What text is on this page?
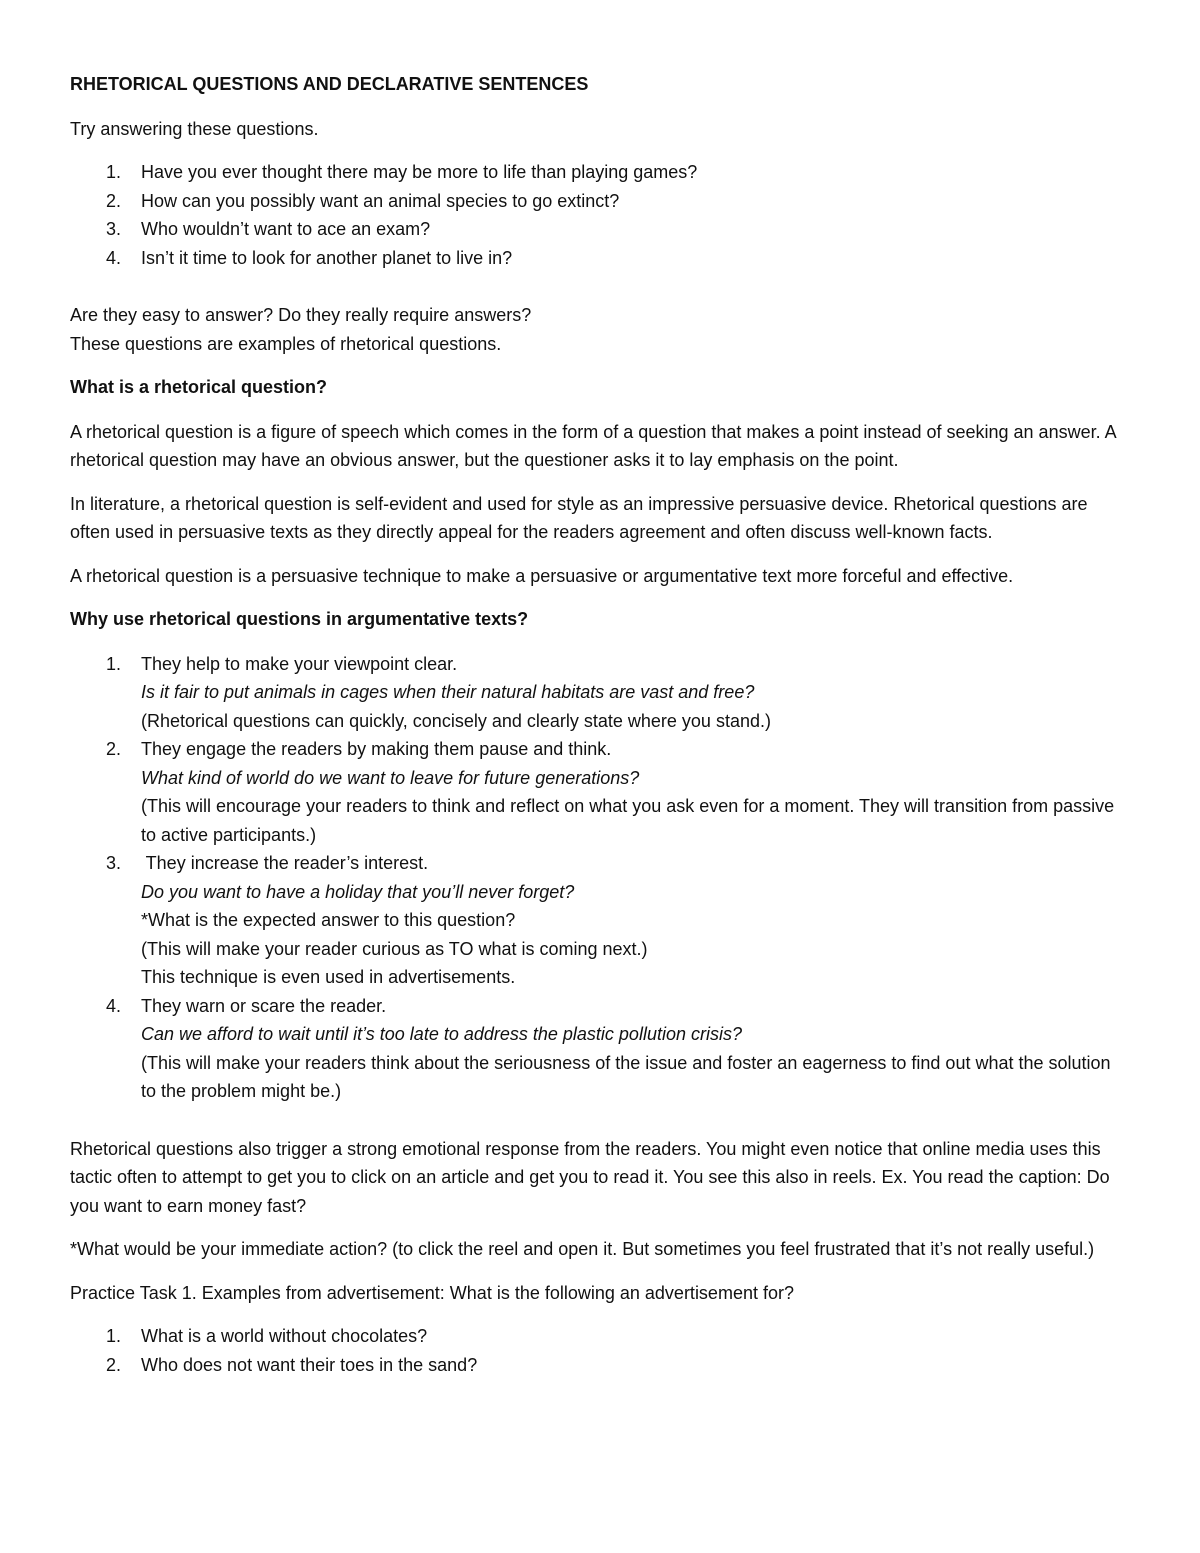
RHETORICAL QUESTIONS AND DECLARATIVE SENTENCES
Try answering these questions.
1. Have you ever thought there may be more to life than playing games?
2. How can you possibly want an animal species to go extinct?
3. Who wouldn’t want to ace an exam?
4. Isn’t it time to look for another planet to live in?
Are they easy to answer? Do they really require answers?
These questions are examples of rhetorical questions.
What is a rhetorical question?
A rhetorical question is a figure of speech which comes in the form of a question that makes a point instead of seeking an answer. A rhetorical question may have an obvious answer, but the questioner asks it to lay emphasis on the point.
In literature, a rhetorical question is self-evident and used for style as an impressive persuasive device. Rhetorical questions are often used in persuasive texts as they directly appeal for the readers agreement and often discuss well-known facts.
A rhetorical question is a persuasive technique to make a persuasive or argumentative text more forceful and effective.
Why use rhetorical questions in argumentative texts?
1. They help to make your viewpoint clear.
Is it fair to put animals in cages when their natural habitats are vast and free?
(Rhetorical questions can quickly, concisely and clearly state where you stand.)
2. They engage the readers by making them pause and think.
What kind of world do we want to leave for future generations?
(This will encourage your readers to think and reflect on what you ask even for a moment. They will transition from passive to active participants.)
3. They increase the reader’s interest.
Do you want to have a holiday that you’ll never forget?
*What is the expected answer to this question?
(This will make your reader curious as TO what is coming next.)
This technique is even used in advertisements.
4. They warn or scare the reader.
Can we afford to wait until it’s too late to address the plastic pollution crisis?
(This will make your readers think about the seriousness of the issue and foster an eagerness to find out what the solution to the problem might be.)
Rhetorical questions also trigger a strong emotional response from the readers. You might even notice that online media uses this tactic often to attempt to get you to click on an article and get you to read it. You see this also in reels. Ex. You read the caption: Do you want to earn money fast?
*What would be your immediate action? (to click the reel and open it. But sometimes you feel frustrated that it’s not really useful.)
Practice Task 1. Examples from advertisement: What is the following an advertisement for?
1. What is a world without chocolates?
2. Who does not want their toes in the sand?
